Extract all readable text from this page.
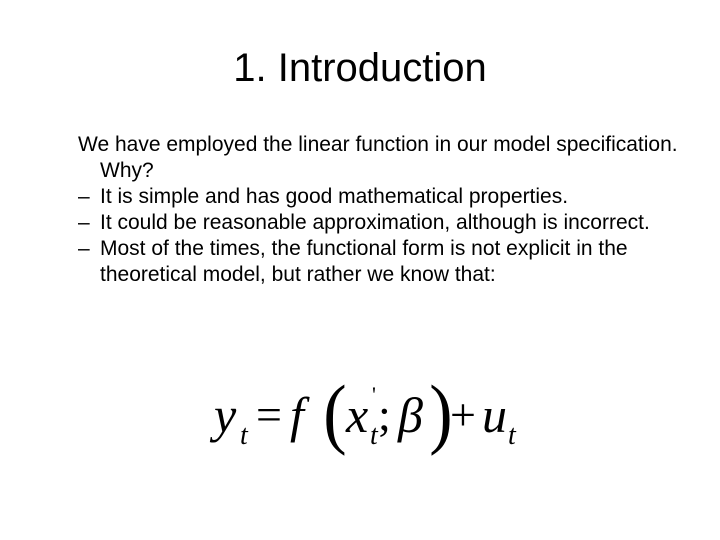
1. Introduction

We have employed the linear function in our model specification. Why?

– It is simple and has good mathematical properties.

– It could be reasonable approximation, although is incorrect.

– Most of the times, the functional form is not explicit in the theoretical model, but rather we know that:

y t = f ( x '
t ; β )
+ u t
